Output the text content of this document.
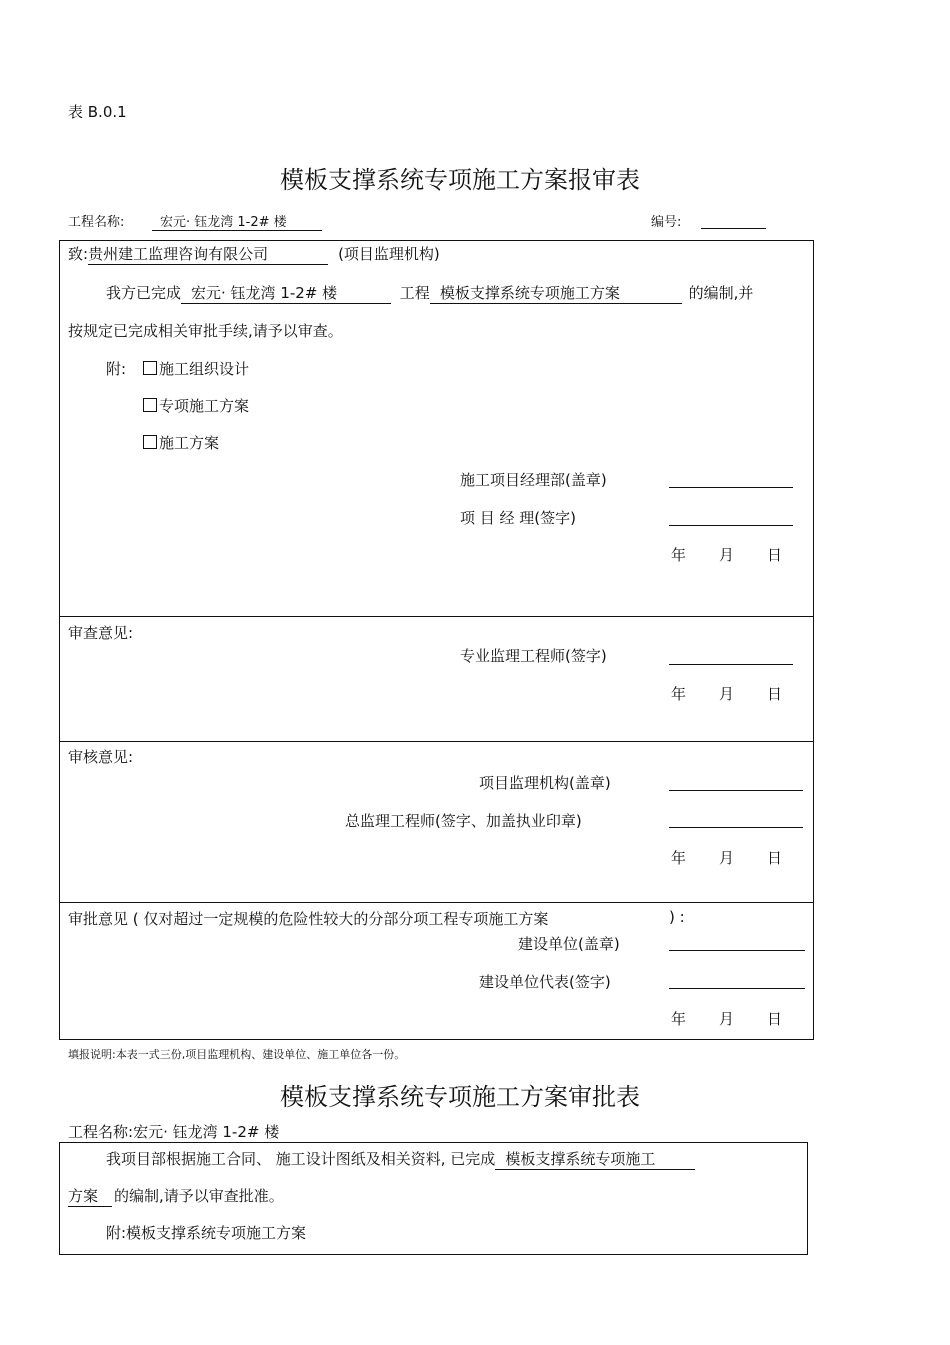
表 B.0.1
模板支撑系统专项施工方案报审表
工程名称:	宏元· 钰龙湾 1-2# 楼	编号:
致:贵州建工监理咨询有限公司	(项目监理机构)
我方已完成 宏元· 钰龙湾 1-2# 楼	工程 模板支撑系统专项施工方案	的编制,并
按规定已完成相关审批手续,请予以审查。
附:	施工组织设计
专项施工方案
施工方案
施工项目经理部(盖章)
项 目 经 理(签字)
年 月 日
审查意见:
专业监理工程师(签字)
年 月 日
审核意见:
项目监理机构(盖章)
总监理工程师(签字、加盖执业印章)
年 月 日
审批意见 ( 仅对超过一定规模的危险性较大的分部分项工程专项施工方案	) :
建设单位(盖章)
建设单位代表(签字)
年 月 日
填报说明:本表一式三份,项目监理机构、建设单位、施工单位各一份。
模板支撑系统专项施工方案审批表
工程名称:宏元· 钰龙湾 1-2# 楼
我项目部根据施工合同、 施工设计图纸及相关资料, 已完成 模板支撑系统专项施工
方案 的编制,请予以审查批准。
附:模板支撑系统专项施工方案
